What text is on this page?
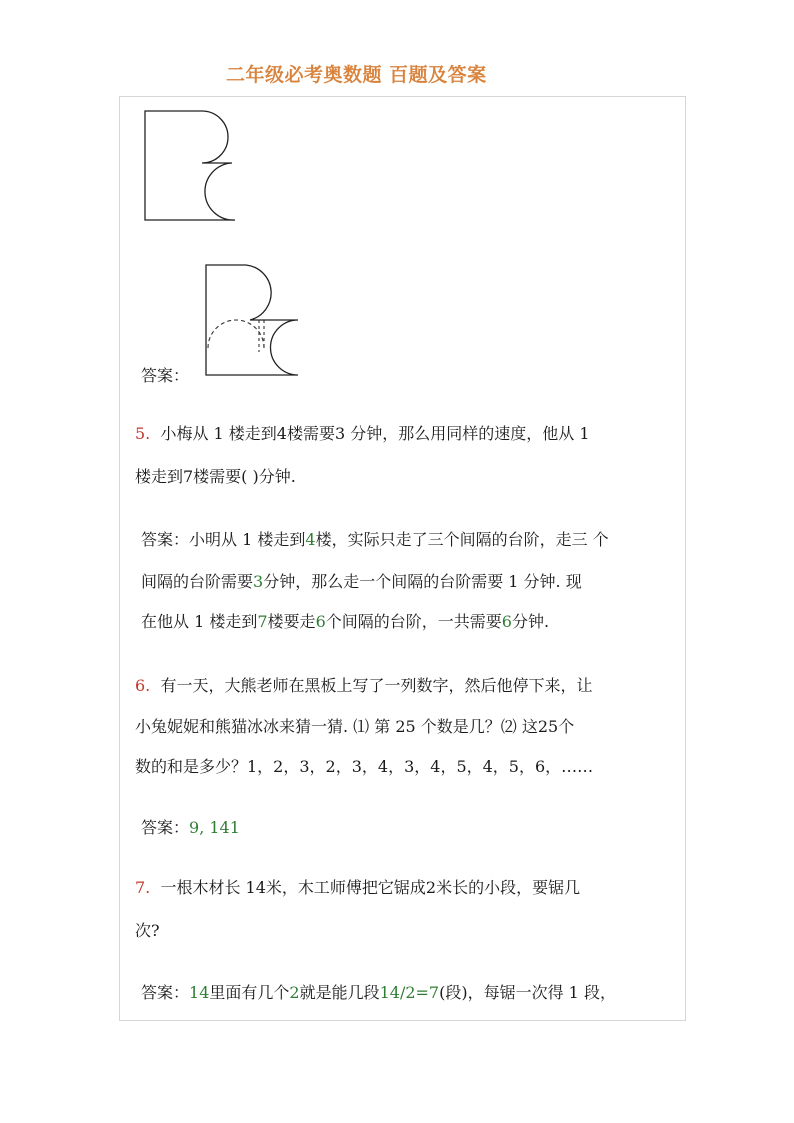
二年级必考奥数题 百题及答案
答案：
5. 小梅从 1 楼走到4楼需要3 分钟，那么用同样的速度，他从 1
楼走到7楼需要( )分钟.
答案：小明从 1 楼走到4楼，实际只走了三个间隔的台阶，走三 个
间隔的台阶需要3分钟，那么走一个间隔的台阶需要 1 分钟. 现
在他从 1 楼走到7楼要走6个间隔的台阶，一共需要6分钟.
6. 有一天，大熊老师在黑板上写了一列数字，然后他停下来，让
小兔妮妮和熊猫冰冰来猜一猜. ⑴ 第 25 个数是几？⑵ 这25个
数的和是多少？1，2，3，2，3，4，3，4，5，4，5，6，……
答案：9, 141
7. 一根木材长 14米，木工师傅把它锯成2米长的小段，要锯几
次?
答案：14里面有几个2就是能几段14/2=7(段)，每锯一次得 1 段，
